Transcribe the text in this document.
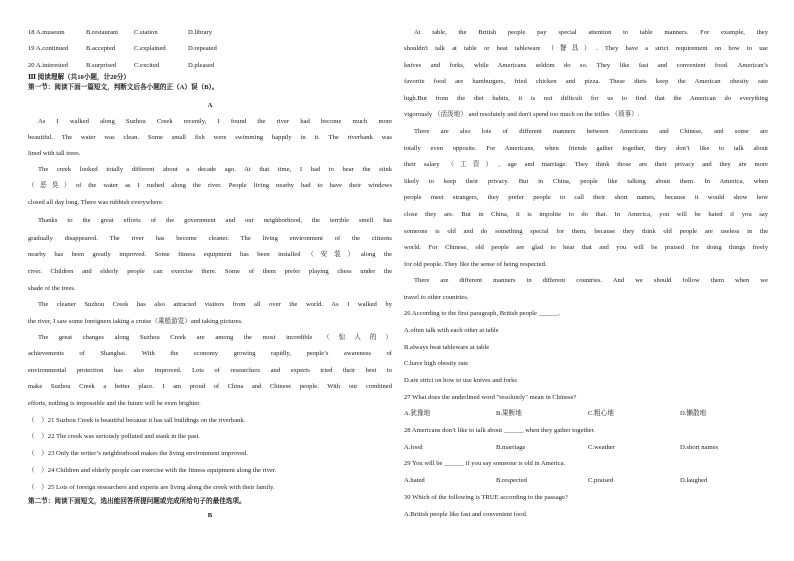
18 A.museum	B.restaurant	C.station	D.library
19 A.continued	B.accepted	C.explained	D.repeated
20 A.interested	B.surprised	C.excited	D.pleased
Ⅲ 阅读理解（共10小题，计20分）
第一节：阅读下面一篇短文，判断文后各小题的正（A）误（B）。
A
As I walked along Suzhou Creek recently, I found the river had become much more
beautiful. The water was clean. Some small fish were swimming happily in it. The riverbank was
lined with tall trees.
The creek looked totally different about a decade ago. At that time, I had to bear the stink
（恶臭）of the water as I rushed along the river. People living nearby had to have their windows
closed all day long. There was rubbish everywhere.
Thanks to the great efforts of the government and our neighborhood, the terrible smell has
gradually disappeared. The river has become cleaner. The living environment of the citizens
nearby has been greatly improved. Some fitness equipment has been installed（安装）along the
river. Children and elderly people can exercise there. Some of them prefer playing chess under the
shade of the trees.
The cleaner Suzhou Creek has also attracted visitors from all over the world. As I walked by
the river, I saw some foreigners taking a cruise（乘船游览）and taking pictures.
The great changes along Suzhou Creek are among the most incredible （惊人的）
achievements of Shanghai. With the economy growing rapidly, people’s awareness of
environmental protection has also improved. Lots of researchers and experts tried their best to
make Suzhou Creek a better place. I am proud of China and Chinese people. With our combined
efforts, nothing is impossible and the future will be even brighter.
（　）21 Suzhou Creek is beautiful because it has tall buildings on the riverbank.
（　）22 The creek was seriously polluted and stank in the past.
（　）23 Only the writer’s neighborhood makes the living environment improved.
（　）24 Children and elderly people can exercise with the fitness equipment along the river.
（　）25 Lots of foreign researchers and experts are living along the creek with their family.
第二节：阅读下面短文，选出能回答所提问题或完成所给句子的最佳选项。
B
At table, the British people pay special attention to table manners. For example, they
shouldn't talk at table or beat tableware （餐具）. They have a strict requirement on how to use
knives and forks, while Americans seldom do so. They like fast and convenient food. American’s
favorite food are hamburgers, fried chicken and pizza. These diets keep the American obesity rate
high.But from the diet habits, it is not difficult for us to find that the American do everything
vigorously （活泼地） and resolutely and don't spend too much on the trifles （琐事）.
There are also lots of different manners between Americans and Chinese, and some are
totally even opposite. For Americans, when friends gather together, they don’t like to talk about
their salary （工资）, age and marriage. They think those are their privacy and they are more
likely to keep their privacy. But in China, people like talking about them. In America, when
people meet strangers, they prefer people to call their short names, because it would show how
close they are. But in China, it is impolite to do that. In America, you will be hated if you say
someone is old and do something special for them, because they think old people are useless in the
world. For Chinese, old people are glad to hear that and you will be praised for doing things freely
for old people. They like the sense of being respected.
There are different manners in different countries. And we should follow them when we
travel to other countries.
26 According to the first paragraph, British people ______.
A.often talk with each other at table
B.always beat tableware at table
C.have high obesity rate
D.are strict on how to use knives and forks
27 What does the underlined word "resolutely" mean in Chinese?
A.犹豫地	B.果断地	C.粗心地	D.懒散地
28 Americans don’t like to talk about ______ when they gather together.
A.food	B.marriage	C.weather	D.short names
29 You will be ______ if you say someone is old in America.
A.hated	B.respected	C.praised	D.laughed
30 Which of the following is TRUE according to the passage?
A.British people like fast and convenient food.
